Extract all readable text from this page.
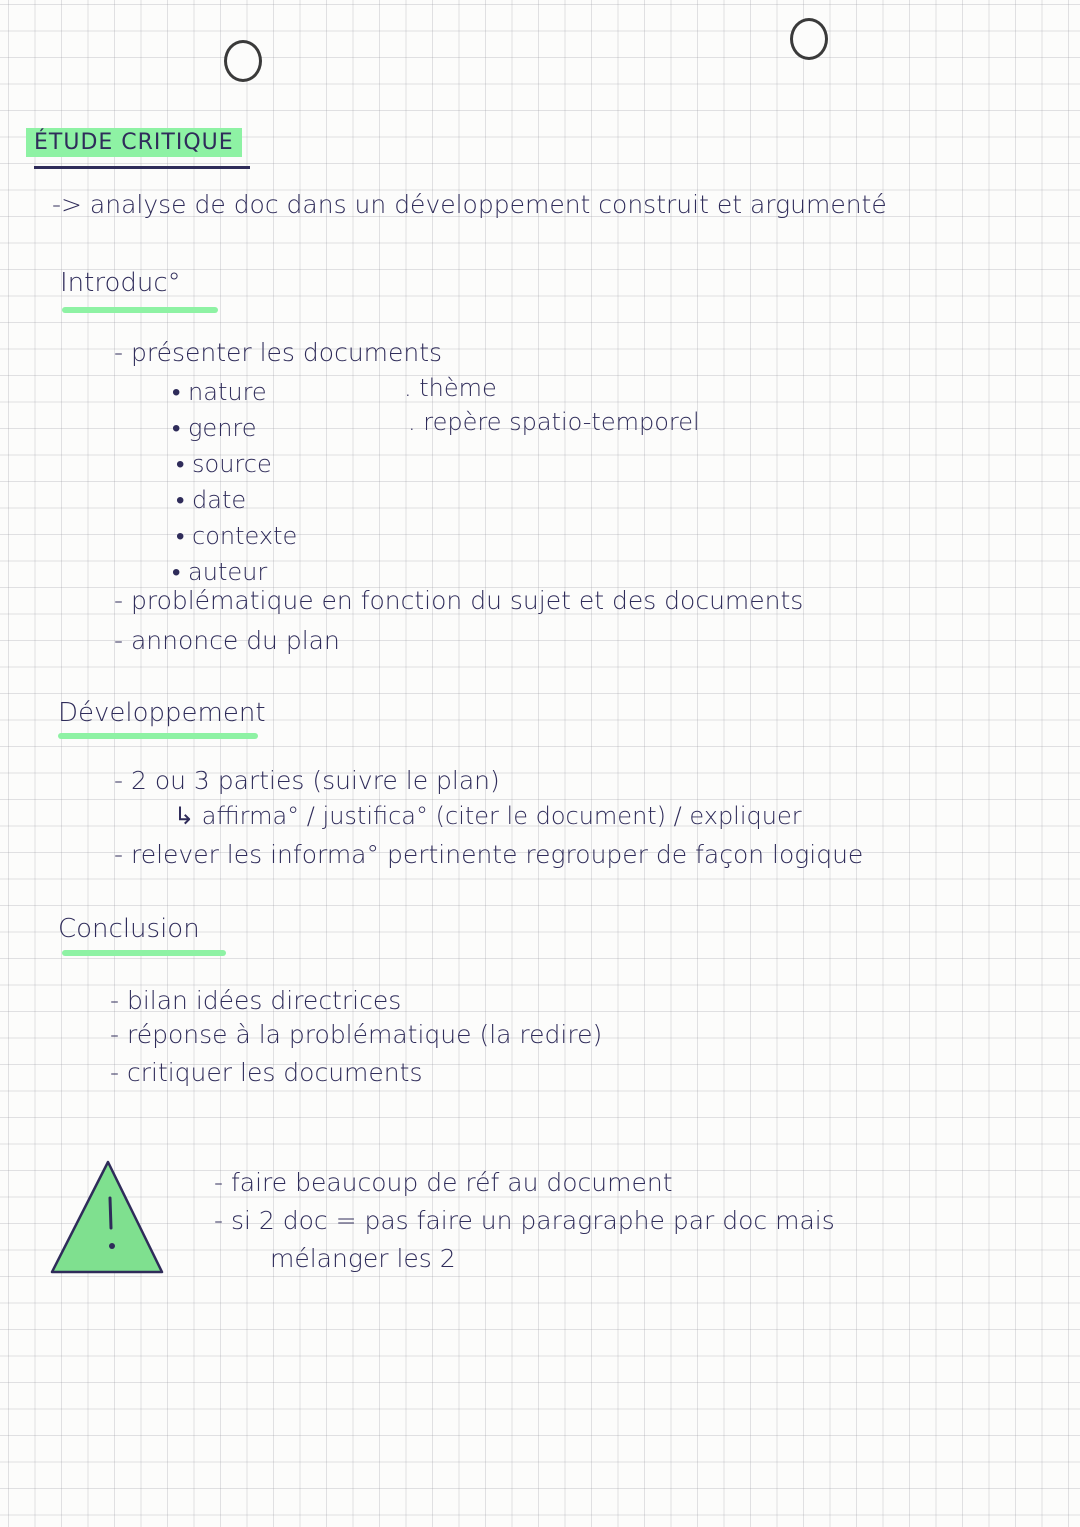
ÉTUDE CRITIQUE
-> analyse de doc dans un développement construit et argumenté
Introduc°
- présenter les documents
• nature
• genre
• source
• date
• contexte
• auteur
. thème
. repère spatio-temporel
- problématique en fonction du sujet et des documents
- annonce du plan
Développement
- 2 ou 3 parties (suivre le plan)
↳ affirma° / justifica° (citer le document) / expliquer
- relever les informa° pertinente regrouper de façon logique
Conclusion
- bilan idées directrices
- réponse à la problématique (la redire)
- critiquer les documents
- faire beaucoup de réf au document
- si 2 doc = pas faire un paragraphe par doc mais
mélanger les 2
